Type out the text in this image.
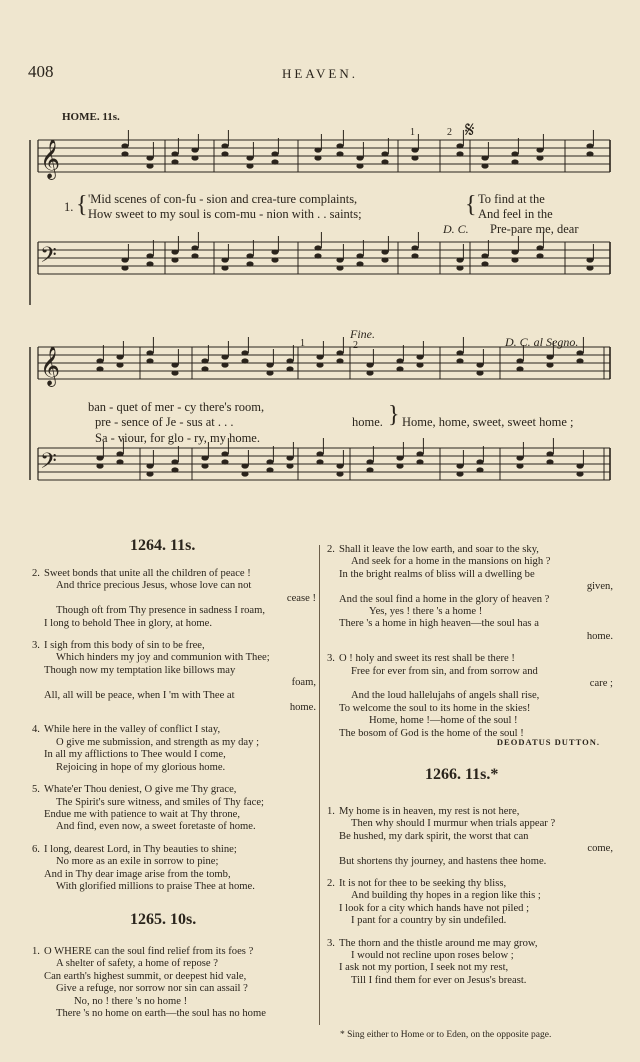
408	HEAVEN.
HOME. 11s.
𝄞
𝄢
𝄞
𝄢
1	2 𝄋
1. { 'Mid scenes of con-fu - sion and crea-ture complaints,
How sweet to my soul is com-mu - nion with . . saints;	{ To find at the
And feel in the
D. C. Pre-pare me, dear
Fine.
1	2	D. C. al Segno.
ban - quet of mer - cy there's room,
pre - sence of Je - sus at . . .	home. } Home, home, sweet, sweet home ;
Sa - viour, for glo - ry, my home.
1264. 11s.
1265. 10s.
1266. 11s.*
2. Sweet bonds that unite all the children of peace !
And thrice precious Jesus, whose love can not
cease !
Though oft from Thy presence in sadness I roam,
I long to behold Thee in glory, at home.
3. I sigh from this body of sin to be free,
Which hinders my joy and communion with Thee;
Though now my temptation like billows may
foam,
All, all will be peace, when I 'm with Thee at
home.
4. While here in the valley of conflict I stay,
O give me submission, and strength as my day ;
In all my afflictions to Thee would I come,
Rejoicing in hope of my glorious home.
5. Whate'er Thou deniest, O give me Thy grace,
The Spirit's sure witness, and smiles of Thy face;
Endue me with patience to wait at Thy throne,
And find, even now, a sweet foretaste of home.
6. I long, dearest Lord, in Thy beauties to shine;
No more as an exile in sorrow to pine;
And in Thy dear image arise from the tomb,
With glorified millions to praise Thee at home.
1. O WHERE can the soul find relief from its foes ?
A shelter of safety, a home of repose ?
Can earth's highest summit, or deepest hid vale,
Give a refuge, nor sorrow nor sin can assail ?
No, no ! there 's no home !
There 's no home on earth—the soul has no home
2. Shall it leave the low earth, and soar to the sky,
And seek for a home in the mansions on high ?
In the bright realms of bliss will a dwelling be
given,
And the soul find a home in the glory of heaven ?
Yes, yes ! there 's a home !
There 's a home in high heaven—the soul has a
home.
3. O ! holy and sweet its rest shall be there !
Free for ever from sin, and from sorrow and
care ;
And the loud hallelujahs of angels shall rise,
To welcome the soul to its home in the skies!
Home, home !—home of the soul !
The bosom of God is the home of the soul !
DEODATUS DUTTON.
1. My home is in heaven, my rest is not here,
Then why should I murmur when trials appear ?
Be hushed, my dark spirit, the worst that can
come,
But shortens thy journey, and hastens thee home.
2. It is not for thee to be seeking thy bliss,
And building thy hopes in a region like this ;
I look for a city which hands have not piled ;
I pant for a country by sin undefiled.
3. The thorn and the thistle around me may grow,
I would not recline upon roses below ;
I ask not my portion, I seek not my rest,
Till I find them for ever on Jesus's breast.
* Sing either to Home or to Eden, on the opposite page.
